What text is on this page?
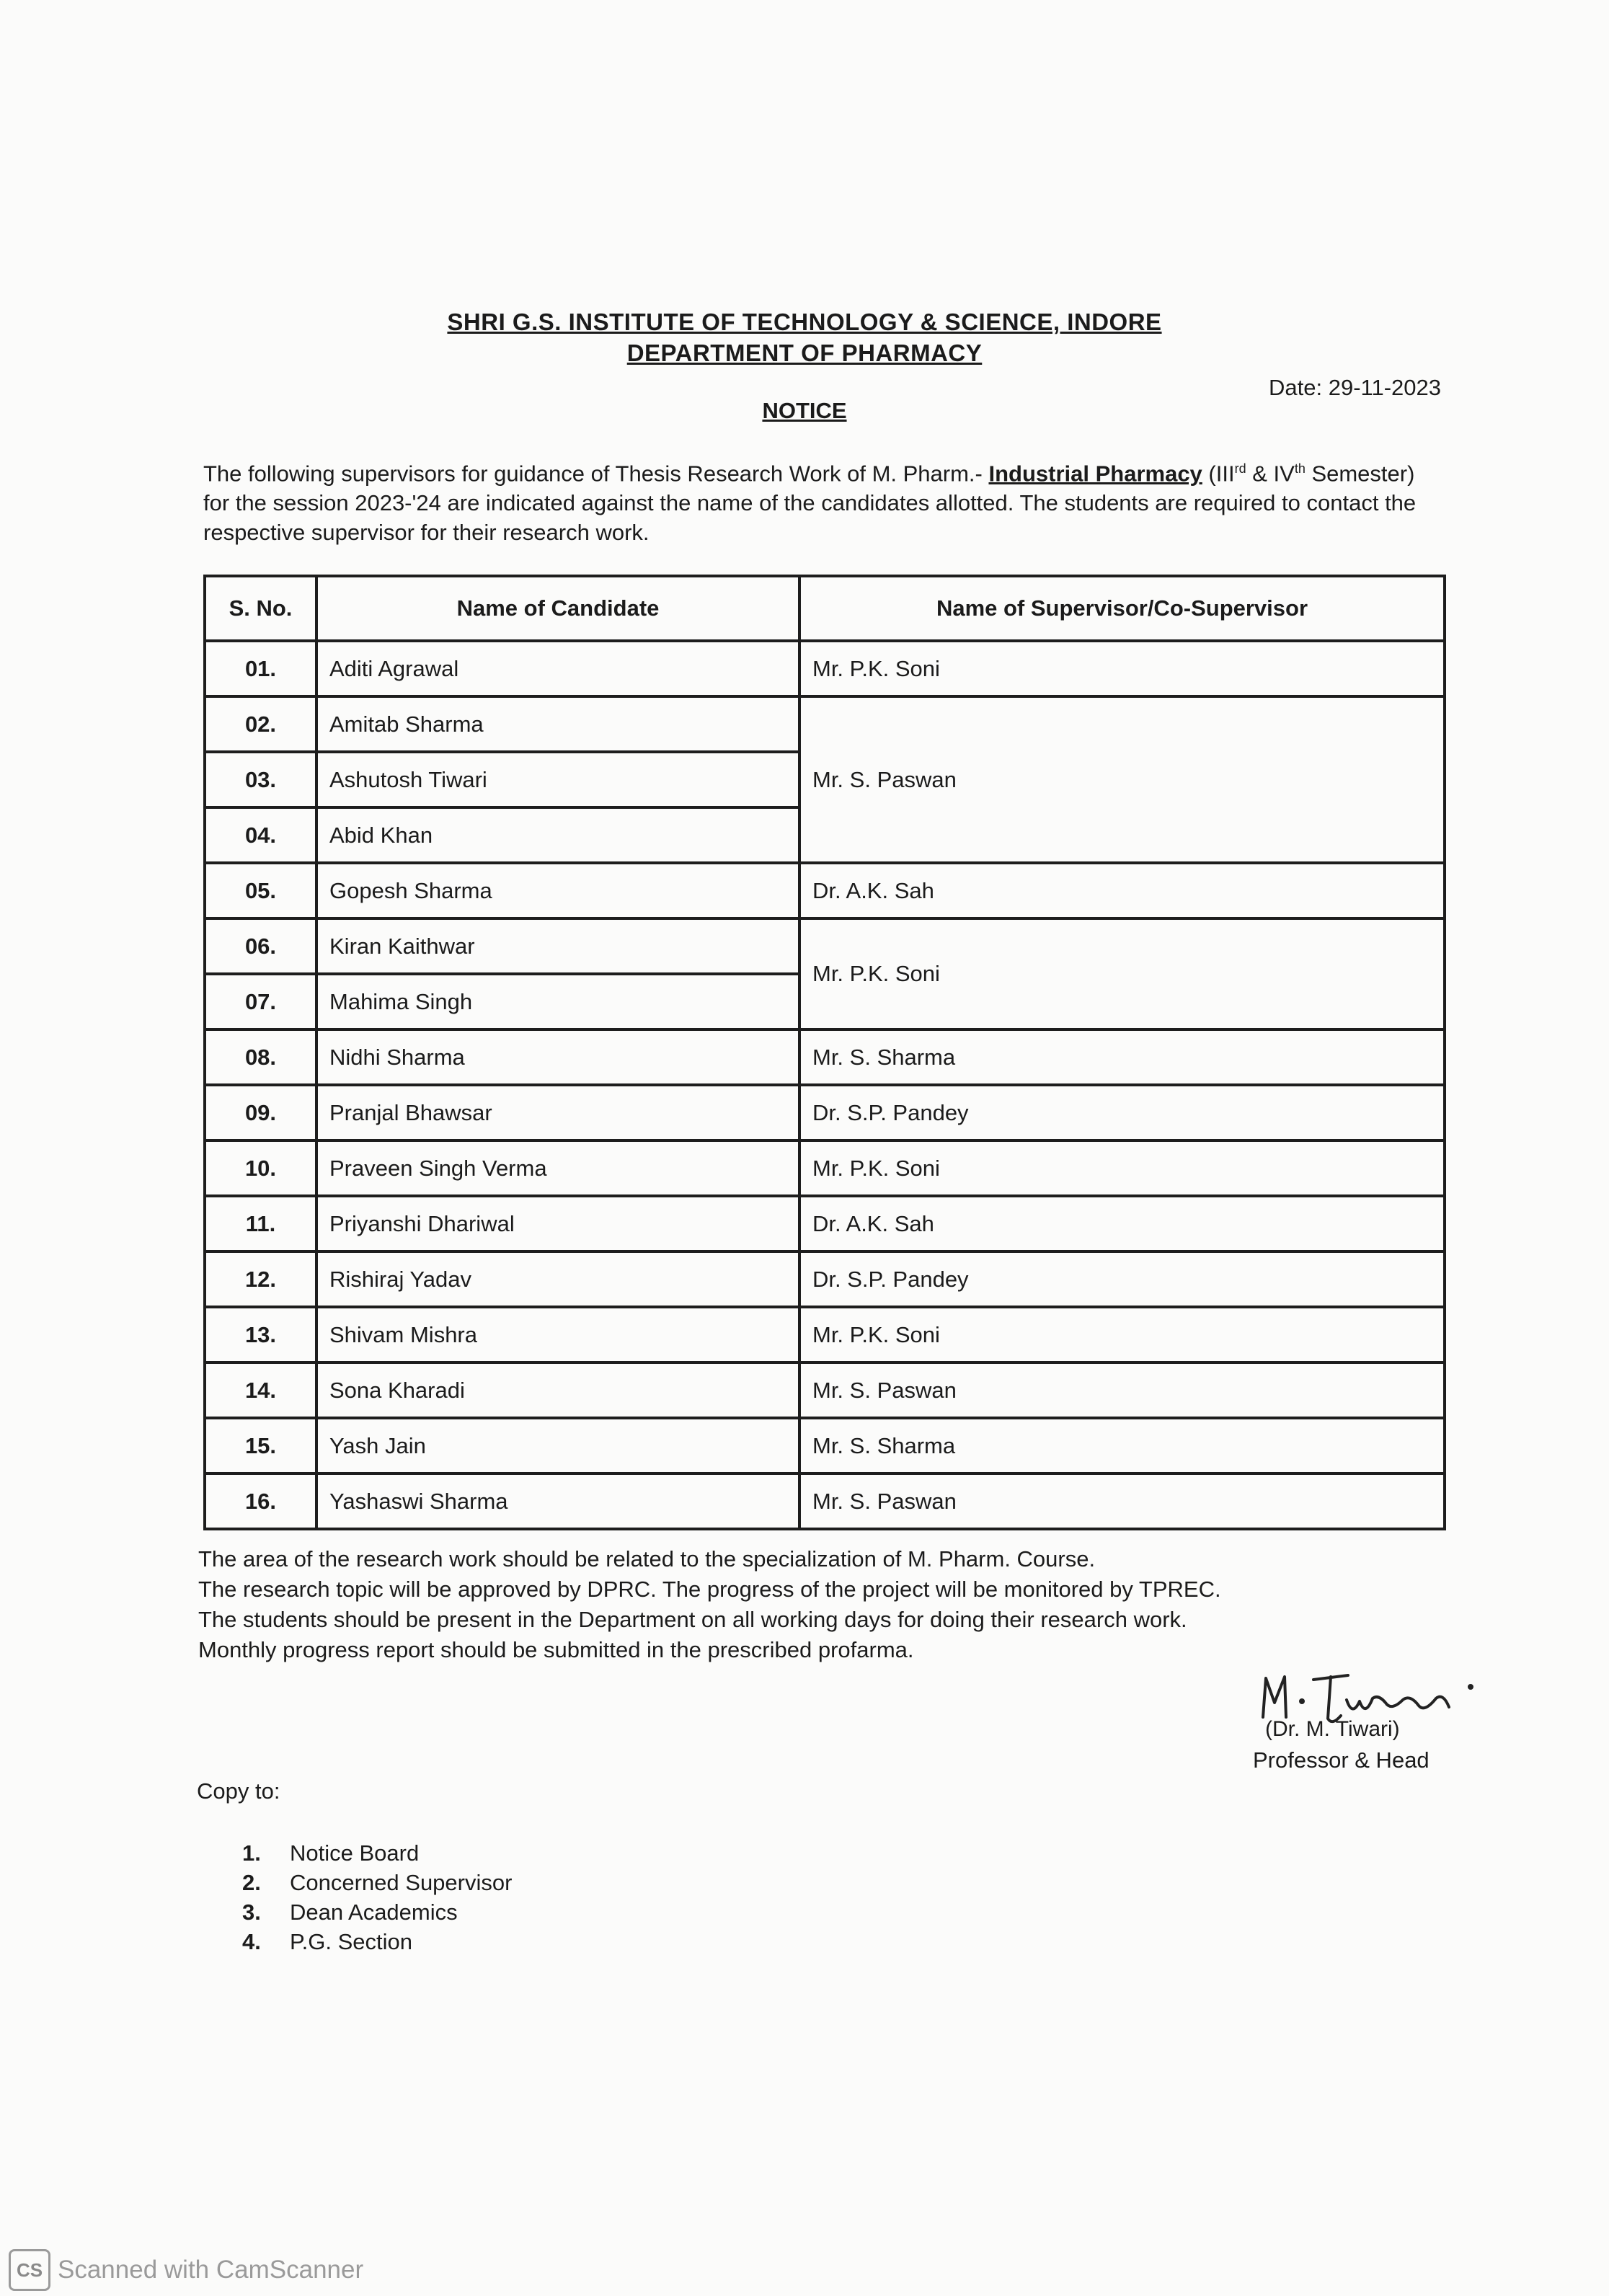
SHRI G.S. INSTITUTE OF TECHNOLOGY & SCIENCE, INDORE
DEPARTMENT OF PHARMACY
Date: 29-11-2023
NOTICE
The following supervisors for guidance of Thesis Research Work of M. Pharm.- Industrial Pharmacy (IIIrd & IVth Semester) for the session 2023-'24 are indicated against the name of the candidates allotted. The students are required to contact the respective supervisor for their research work.
S. No.	Name of Candidate	Name of Supervisor/Co-Supervisor
01.	Aditi Agrawal	Mr. P.K. Soni
02.	Amitab Sharma	Mr. S. Paswan
03.	Ashutosh Tiwari	
04.	Abid Khan	
05.	Gopesh Sharma	Dr. A.K. Sah
06.	Kiran Kaithwar	Mr. P.K. Soni
07.	Mahima Singh	
08.	Nidhi Sharma	Mr. S. Sharma
09.	Pranjal Bhawsar	Dr. S.P. Pandey
10.	Praveen Singh Verma	Mr. P.K. Soni
11.	Priyanshi Dhariwal	Dr. A.K. Sah
12.	Rishiraj Yadav	Dr. S.P. Pandey
13.	Shivam Mishra	Mr. P.K. Soni
14.	Sona Kharadi	Mr. S. Paswan
15.	Yash Jain	Mr. S. Sharma
16.	Yashaswi Sharma	Mr. S. Paswan
The area of the research work should be related to the specialization of M. Pharm. Course.
The research topic will be approved by DPRC. The progress of the project will be monitored by TPREC.
The students should be present in the Department on all working days for doing their research work.
Monthly progress report should be submitted in the prescribed profarma.
(Dr. M. Tiwari)
Professor & Head
Copy to:
1.	Notice Board
2.	Concerned Supervisor
3.	Dean Academics
4.	P.G. Section
CS Scanned with CamScanner
